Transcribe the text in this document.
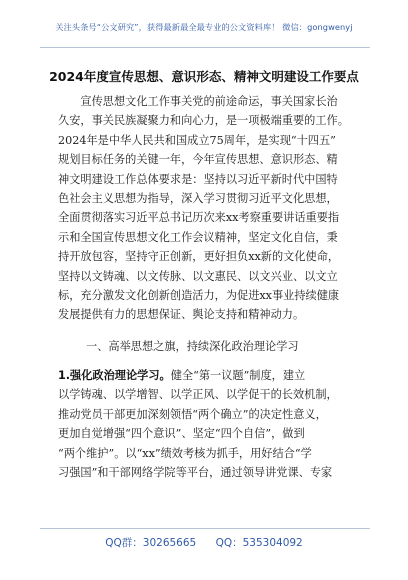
关注头条号“公文研究”，获得最新最全最专业的公文资料库！ 微信：gongwenyj
2024年度宣传思想、意识形态、精神文明建设工作要点
　　宣传思想文化工作事关党的前途命运，事关国家长治
久安，事关民族凝聚力和向心力，是一项极端重要的工作。
2024年是中华人民共和国成立75周年，是实现“十四五”
规划目标任务的关键一年，今年宣传思想、意识形态、精
神文明建设工作总体要求是：坚持以习近平新时代中国特
色社会主义思想为指导，深入学习贯彻习近平文化思想，
全面贯彻落实习近平总书记历次来xx考察重要讲话重要指
示和全国宣传思想文化工作会议精神，坚定文化自信，秉
持开放包容，坚持守正创新，更好担负xx新的文化使命，
坚持以文铸魂、以文传脉、以文惠民、以文兴业、以文立
标，充分激发文化创新创造活力，为促进xx事业持续健康
发展提供有力的思想保证、舆论支持和精神动力。
一、高举思想之旗，持续深化政治理论学习
1.强化政治理论学习。健全“第一议题”制度，建立
以学铸魂、以学增智、以学正风、以学促干的长效机制，
推动党员干部更加深刻领悟“两个确立”的决定性意义，
更加自觉增强“四个意识”、坚定“四个自信”，做到
“两个维护”。以“xx”绩效考核为抓手，用好结合“学
习强国”和干部网络学院等平台，通过领导讲党课、专家
QQ群：30265665 QQ：535304092
